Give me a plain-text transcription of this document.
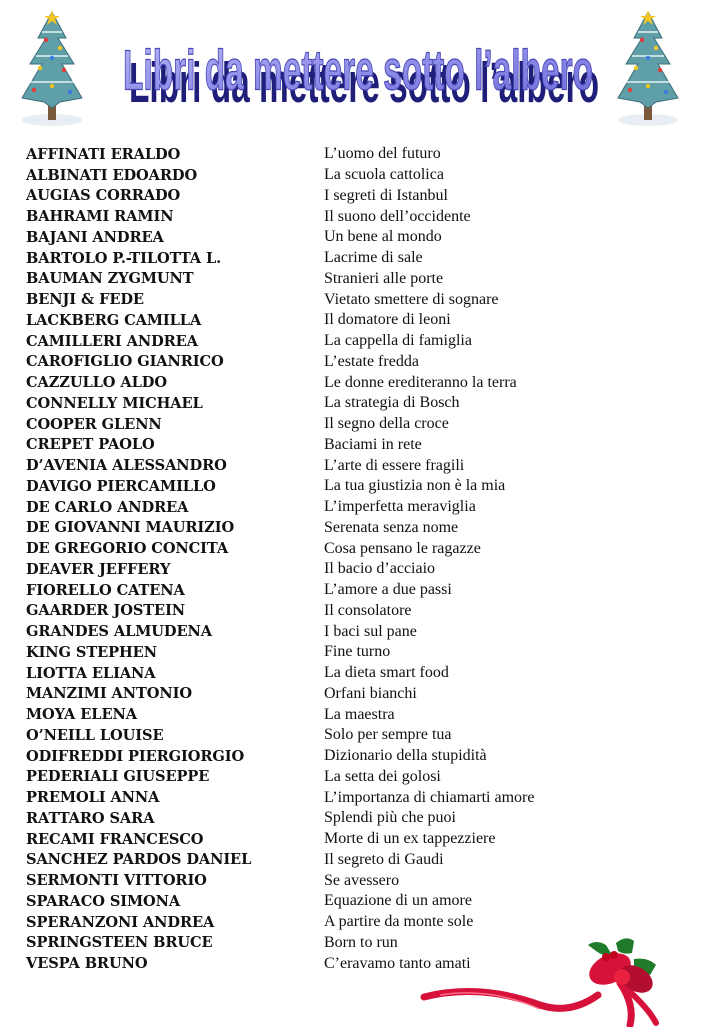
Libri da mettere sotto l’albero
Libri da mettere sotto l’albero
AFFINATI ERALDO	L’uomo del futuro
ALBINATI EDOARDO	La scuola cattolica
AUGIAS CORRADO	I segreti di Istanbul
BAHRAMI RAMIN	Il suono dell’occidente
BAJANI ANDREA	Un bene al mondo
BARTOLO P.-TILOTTA L.	Lacrime di sale
BAUMAN ZYGMUNT	Stranieri alle porte
BENJI & FEDE	Vietato smettere di sognare
LACKBERG CAMILLA	Il domatore di leoni
CAMILLERI ANDREA	La cappella di famiglia
CAROFIGLIO GIANRICO	L’estate fredda
CAZZULLO ALDO	Le donne erediteranno la terra
CONNELLY MICHAEL	La strategia di Bosch
COOPER GLENN	Il segno della croce
CREPET PAOLO	Baciami in rete
D’AVENIA ALESSANDRO	L’arte di essere fragili
DAVIGO PIERCAMILLO	La tua giustizia non è la mia
DE CARLO ANDREA	L’imperfetta meraviglia
DE GIOVANNI MAURIZIO	Serenata senza nome
DE GREGORIO CONCITA	Cosa pensano le ragazze
DEAVER JEFFERY	Il bacio d’acciaio
FIORELLO CATENA	L’amore a due passi
GAARDER JOSTEIN	Il consolatore
GRANDES ALMUDENA	I baci sul pane
KING STEPHEN	Fine turno
LIOTTA ELIANA	La dieta smart food
MANZIMI ANTONIO	Orfani bianchi
MOYA ELENA	La maestra
O’NEILL LOUISE	Solo per sempre tua
ODIFREDDI PIERGIORGIO	Dizionario della stupidità
PEDERIALI GIUSEPPE	La setta dei golosi
PREMOLI ANNA	L’importanza di chiamarti amore
RATTARO SARA	Splendi più che puoi
RECAMI FRANCESCO	Morte di un ex tappezziere
SANCHEZ PARDOS DANIEL	Il segreto di Gaudi
SERMONTI VITTORIO	Se avessero
SPARACO SIMONA	Equazione di un amore
SPERANZONI ANDREA	A partire da monte sole
SPRINGSTEEN BRUCE	Born to run
VESPA BRUNO	C’eravamo tanto amati
